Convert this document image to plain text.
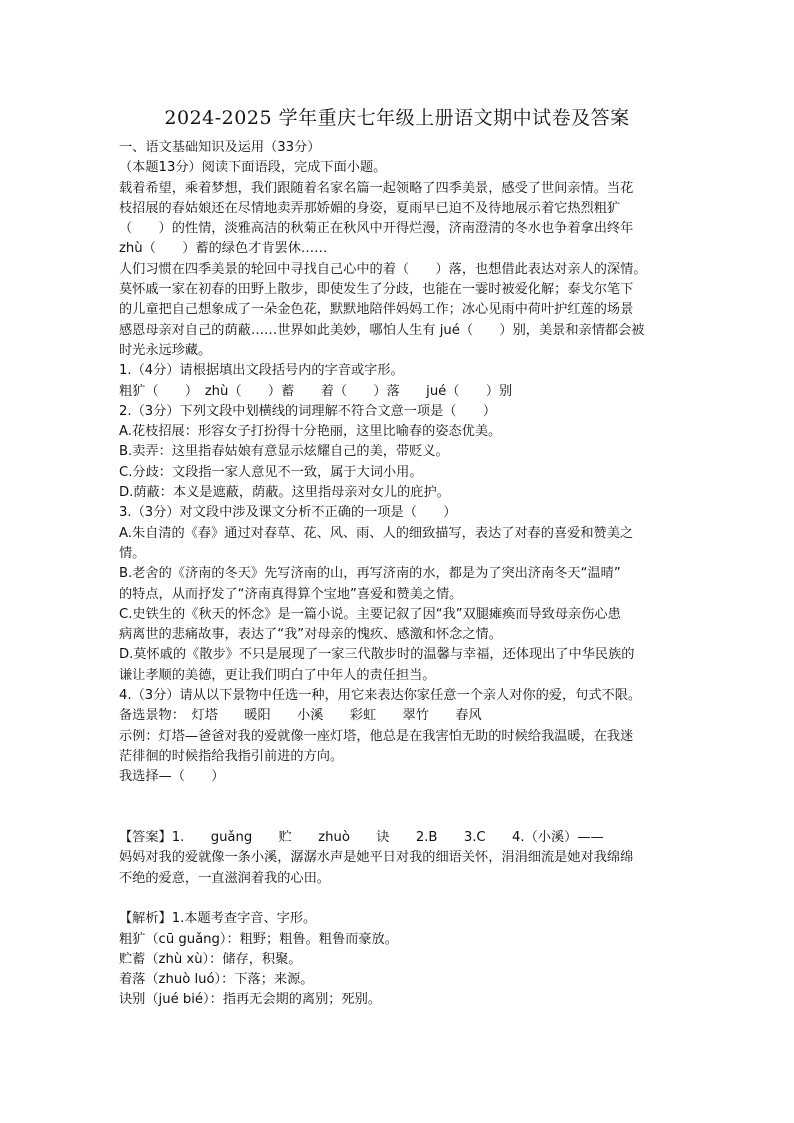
2024-2025 学年重庆七年级上册语文期中试卷及答案
一、语文基础知识及运用（33分）
（本题13分）阅读下面语段，完成下面小题。
载着希望，乘着梦想，我们跟随着名家名篇一起领略了四季美景，感受了世间亲情。当花
枝招展的春姑娘还在尽情地卖弄那娇媚的身姿，夏雨早已迫不及待地展示着它热烈粗犷
（　　）的性情，淡雅高洁的秋菊正在秋风中开得烂漫，济南澄清的冬水也争着拿出终年
zhù（　　）蓄的绿色才肯罢休……
人们习惯在四季美景的轮回中寻找自己心中的着（　　）落，也想借此表达对亲人的深情。
莫怀戚一家在初春的田野上散步，即使发生了分歧，也能在一霎时被爱化解；泰戈尔笔下
的儿童把自己想象成了一朵金色花，默默地陪伴妈妈工作；冰心见雨中荷叶护红莲的场景
感恩母亲对自己的荫蔽……世界如此美妙，哪怕人生有 jué（　　）别，美景和亲情都会被
时光永远珍藏。
1.（4分）请根据填出文段括号内的字音或字形。
粗犷（　　）　zhù（　　）蓄　　着（　　）落　　jué（　　）别
2.（3分）下列文段中划横线的词理解不符合文意一项是（　　）
A.花枝招展：形容女子打扮得十分艳丽，这里比喻春的姿态优美。
B.卖弄：这里指春姑娘有意显示炫耀自己的美，带贬义。
C.分歧：文段指一家人意见不一致，属于大词小用。
D.荫蔽：本义是遮蔽，荫蔽。这里指母亲对女儿的庇护。
3.（3分）对文段中涉及课文分析不正确的一项是（　　）
A.朱自清的《春》通过对春草、花、风、雨、人的细致描写，表达了对春的喜爱和赞美之
情。
B.老舍的《济南的冬天》先写济南的山，再写济南的水，都是为了突出济南冬天“温晴”
的特点，从而抒发了“济南真得算个宝地”喜爱和赞美之情。
C.史铁生的《秋天的怀念》是一篇小说。主要记叙了因“我”双腿瘫痪而导致母亲伤心患
病离世的悲痛故事，表达了“我”对母亲的愧疚、感激和怀念之情。
D.莫怀戚的《散步》不只是展现了一家三代散步时的温馨与幸福，还体现出了中华民族的
谦让孝顺的美德，更让我们明白了中年人的责任担当。
4.（3分）请从以下景物中任选一种，用它来表达你家任意一个亲人对你的爱，句式不限。
备选景物：　灯塔　　暖阳　　小溪　　彩虹　　翠竹　　春风
示例：灯塔—爸爸对我的爱就像一座灯塔，他总是在我害怕无助的时候给我温暖，在我迷
茫徘徊的时候指给我指引前进的方向。
我选择—（　　）
【答案】1.　　guǎng　　贮　　zhuò　　诀　　2.B　　3.C　　4.（小溪）——
妈妈对我的爱就像一条小溪，潺潺水声是她平日对我的细语关怀，涓涓细流是她对我绵绵
不绝的爱意，一直滋润着我的心田。
【解析】1.本题考查字音、字形。
粗犷（cū guǎng）：粗野；粗鲁。粗鲁而豪放。
贮蓄（zhù xù）：储存，积聚。
着落（zhuò luó）：下落；来源。
诀别（jué bié）：指再无会期的离别；死别。
